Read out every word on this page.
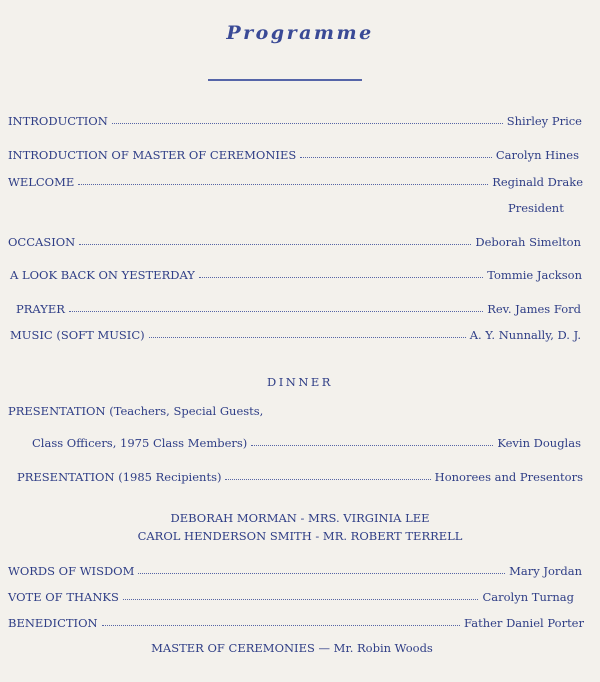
Programme
INTRODUCTION	Shirley Price
INTRODUCTION OF MASTER OF CEREMONIES	Carolyn Hines
WELCOME	Reginald Drake
President
OCCASION	Deborah Simelton
A LOOK BACK ON YESTERDAY	Tommie Jackson
PRAYER	Rev. James Ford
MUSIC (SOFT MUSIC)	A. Y. Nunnally, D. J.
DINNER
PRESENTATION (Teachers, Special Guests,
Class Officers, 1975 Class Members)	Kevin Douglas
PRESENTATION (1985 Recipients)	Honorees and Presentors
DEBORAH MORMAN - MRS. VIRGINIA LEE
CAROL HENDERSON SMITH - MR. ROBERT TERRELL
WORDS OF WISDOM	Mary Jordan
VOTE OF THANKS	Carolyn Turnag
BENEDICTION	Father Daniel Porter
MASTER OF CEREMONIES — Mr. Robin Woods
